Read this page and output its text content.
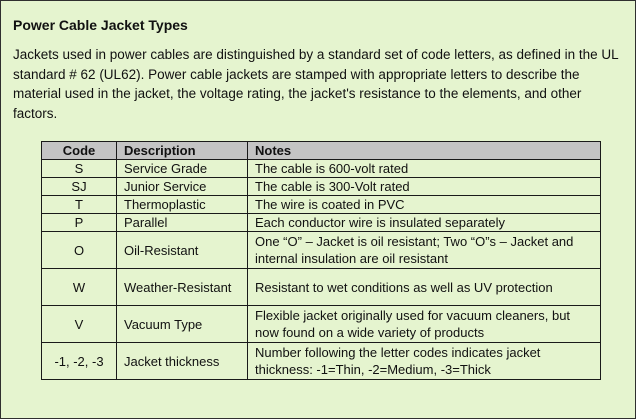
Power Cable Jacket Types
Jackets used in power cables are distinguished by a standard set of code letters, as defined in the UL standard # 62 (UL62). Power cable jackets are stamped with appropriate letters to describe the material used in the jacket, the voltage rating, the jacket's resistance to the elements, and other factors.
Code	Description	Notes
S	Service Grade	The cable is 600-volt rated
SJ	Junior Service	The cable is 300-Volt rated
T	Thermoplastic	The wire is coated in PVC
P	Parallel	Each conductor wire is insulated separately
O	Oil-Resistant	One “O” – Jacket is oil resistant; Two “O”s – Jacket and internal insulation are oil resistant
W	Weather-Resistant	Resistant to wet conditions as well as UV protection
V	Vacuum Type	Flexible jacket originally used for vacuum cleaners, but now found on a wide variety of products
-1, -2, -3	Jacket thickness	Number following the letter codes indicates jacket thickness: -1=Thin, -2=Medium, -3=Thick
